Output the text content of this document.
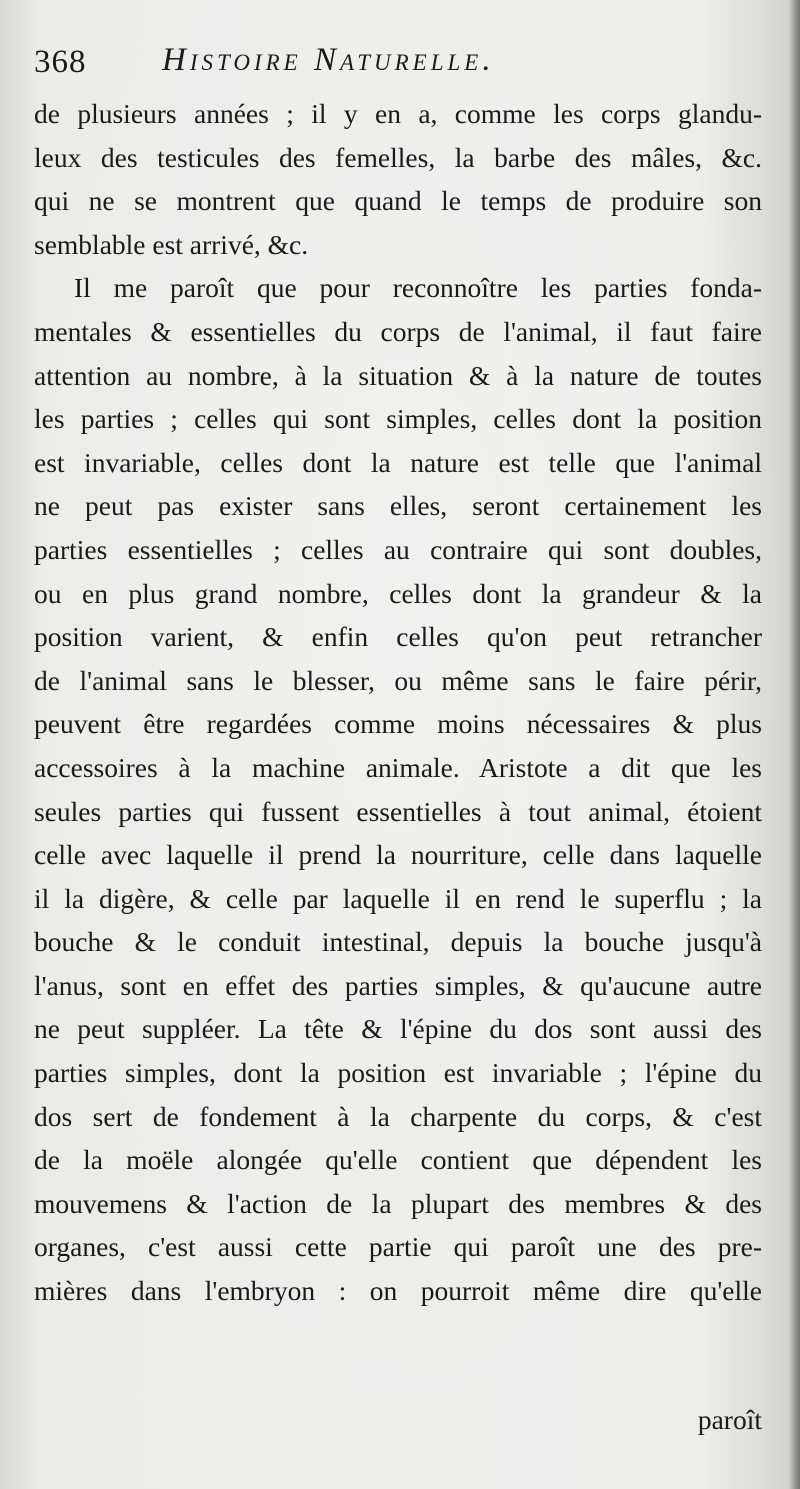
368 Histoire Naturelle.
de plusieurs années ; il y en a, comme les corps glandu-
leux des testicules des femelles, la barbe des mâles, &c.
qui ne se montrent que quand le temps de produire son
semblable est arrivé, &c.
Il me paroît que pour reconnoître les parties fonda-
mentales & essentielles du corps de l'animal, il faut faire
attention au nombre, à la situation & à la nature de toutes
les parties ; celles qui sont simples, celles dont la position
est invariable, celles dont la nature est telle que l'animal
ne peut pas exister sans elles, seront certainement les
parties essentielles ; celles au contraire qui sont doubles,
ou en plus grand nombre, celles dont la grandeur & la
position varient, & enfin celles qu'on peut retrancher
de l'animal sans le blesser, ou même sans le faire périr,
peuvent être regardées comme moins nécessaires & plus
accessoires à la machine animale. Aristote a dit que les
seules parties qui fussent essentielles à tout animal, étoient
celle avec laquelle il prend la nourriture, celle dans laquelle
il la digère, & celle par laquelle il en rend le superflu ; la
bouche & le conduit intestinal, depuis la bouche jusqu'à
l'anus, sont en effet des parties simples, & qu'aucune autre
ne peut suppléer. La tête & l'épine du dos sont aussi des
parties simples, dont la position est invariable ; l'épine du
dos sert de fondement à la charpente du corps, & c'est
de la moële alongée qu'elle contient que dépendent les
mouvemens & l'action de la plupart des membres & des
organes, c'est aussi cette partie qui paroît une des pre-
mières dans l'embryon : on pourroit même dire qu'elle
paroît
